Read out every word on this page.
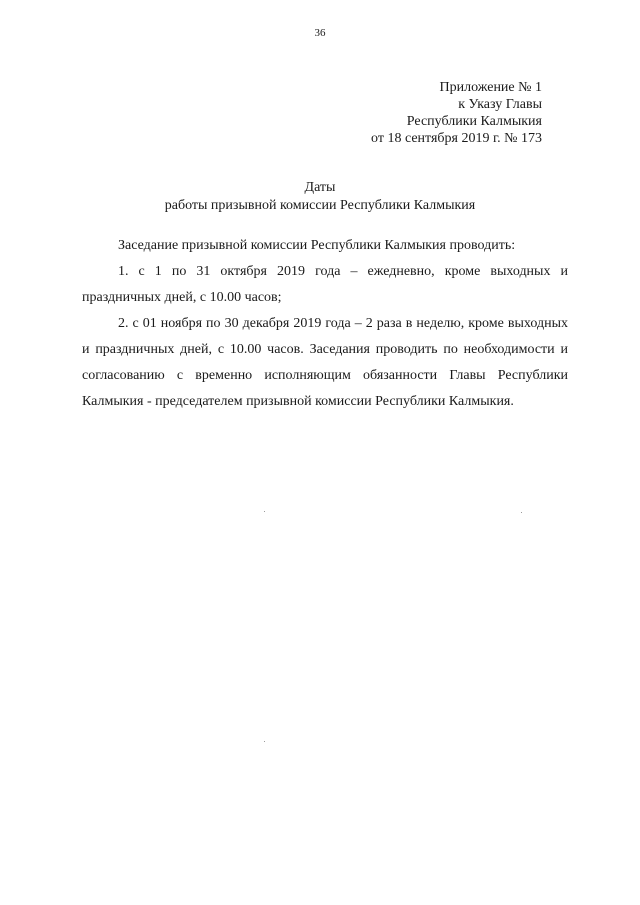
36
Приложение № 1
к Указу Главы
Республики Калмыкия
от 18 сентября 2019 г. № 173
Даты
работы призывной комиссии Республики Калмыкия

Заседание призывной комиссии Республики Калмыкия проводить:

1. с 1 по 31 октября 2019 года – ежедневно, кроме выходных и праздничных дней, с 10.00 часов;

2. с 01 ноября по 30 декабря 2019 года – 2 раза в неделю, кроме выходных и праздничных дней, с 10.00 часов. Заседания проводить по необходимости и согласованию с временно исполняющим обязанности Главы Республики Калмыкия - председателем призывной комиссии Республики Калмыкия.
